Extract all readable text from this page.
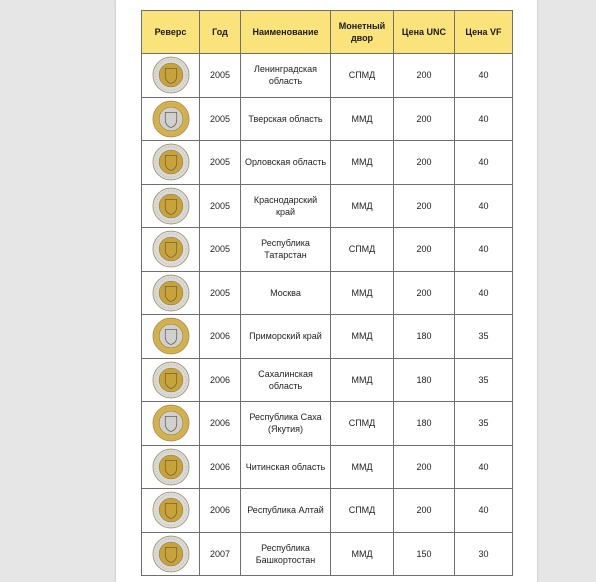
Реверс	Год	Наименование	Монетный двор	Цена UNC	Цена VF

	2005	Ленинградская область	СПМД	200	40

	2005	Тверская область	ММД	200	40

	2005	Орловская область	ММД	200	40

	2005	Краснодарский край	ММД	200	40

	2005	Республика Татарстан	СПМД	200	40

	2005	Москва	ММД	200	40

	2006	Приморский край	ММД	180	35

	2006	Сахалинская область	ММД	180	35

	2006	Республика Саха (Якутия)	СПМД	180	35

	2006	Читинская область	ММД	200	40

	2006	Республика Алтай	СПМД	200	40

	2007	Республика Башкортостан	ММД	150	30
